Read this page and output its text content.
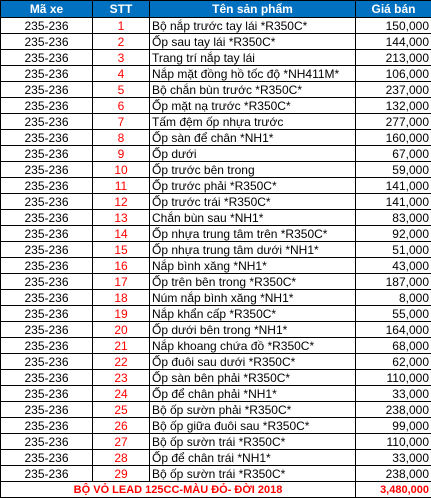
Mã xe	STT	Tên sản phẩm	Giá bán
235-236	1	Bộ nắp trước tay lái *R350C*	150,000
235-236	2	Ốp sau tay lái *R350C*	144,000
235-236	3	Trang trí nắp tay lái	213,000
235-236	4	Nắp mặt đồng hồ tốc độ *NH411M*	106,000
235-236	5	Bộ chắn bùn trước *R350C*	237,000
235-236	6	Ốp mặt nạ trước *R350C*	132,000
235-236	7	Tấm đệm ốp nhựa trước	277,000
235-236	8	Ốp sàn để chân *NH1*	160,000
235-236	9	Ốp dưới	67,000
235-236	10	Ốp trước bên trong	59,000
235-236	11	Ốp trước phải *R350C*	141,000
235-236	12	Ốp trước trái *R350C*	141,000
235-236	13	Chắn bùn sau *NH1*	83,000
235-236	14	Ốp nhựa trung tâm trên *R350C*	92,000
235-236	15	Ốp nhựa trung tâm dưới *NH1*	51,000
235-236	16	Nắp bình xăng *NH1*	43,000
235-236	17	Ốp trên bên trong *R350C*	187,000
235-236	18	Núm nắp bình xăng *NH1*	8,000
235-236	19	Nắp khẩn cấp *R350C*	55,000
235-236	20	Ốp dưới bên trong *NH1*	164,000
235-236	21	Nắp khoang chứa đồ *R350C*	68,000
235-236	22	Ốp đuôi sau dưới *R350C*	62,000
235-236	23	Ốp sàn bên phải *R350C*	110,000
235-236	24	Ốp để chân phải *NH1*	33,000
235-236	25	Bộ ốp sườn phải *R350C*	238,000
235-236	26	Bộ ốp giữa đuôi sau *R350C*	99,000
235-236	27	Bộ ốp sườn trái *R350C*	110,000
235-236	28	Ốp để chân trái *NH1*	33,000
235-236	29	Bộ ốp sườn trái *R350C*	238,000
BỘ VỎ LEAD 125CC-MÀU ĐỎ- ĐỜI 2018			3,480,000
